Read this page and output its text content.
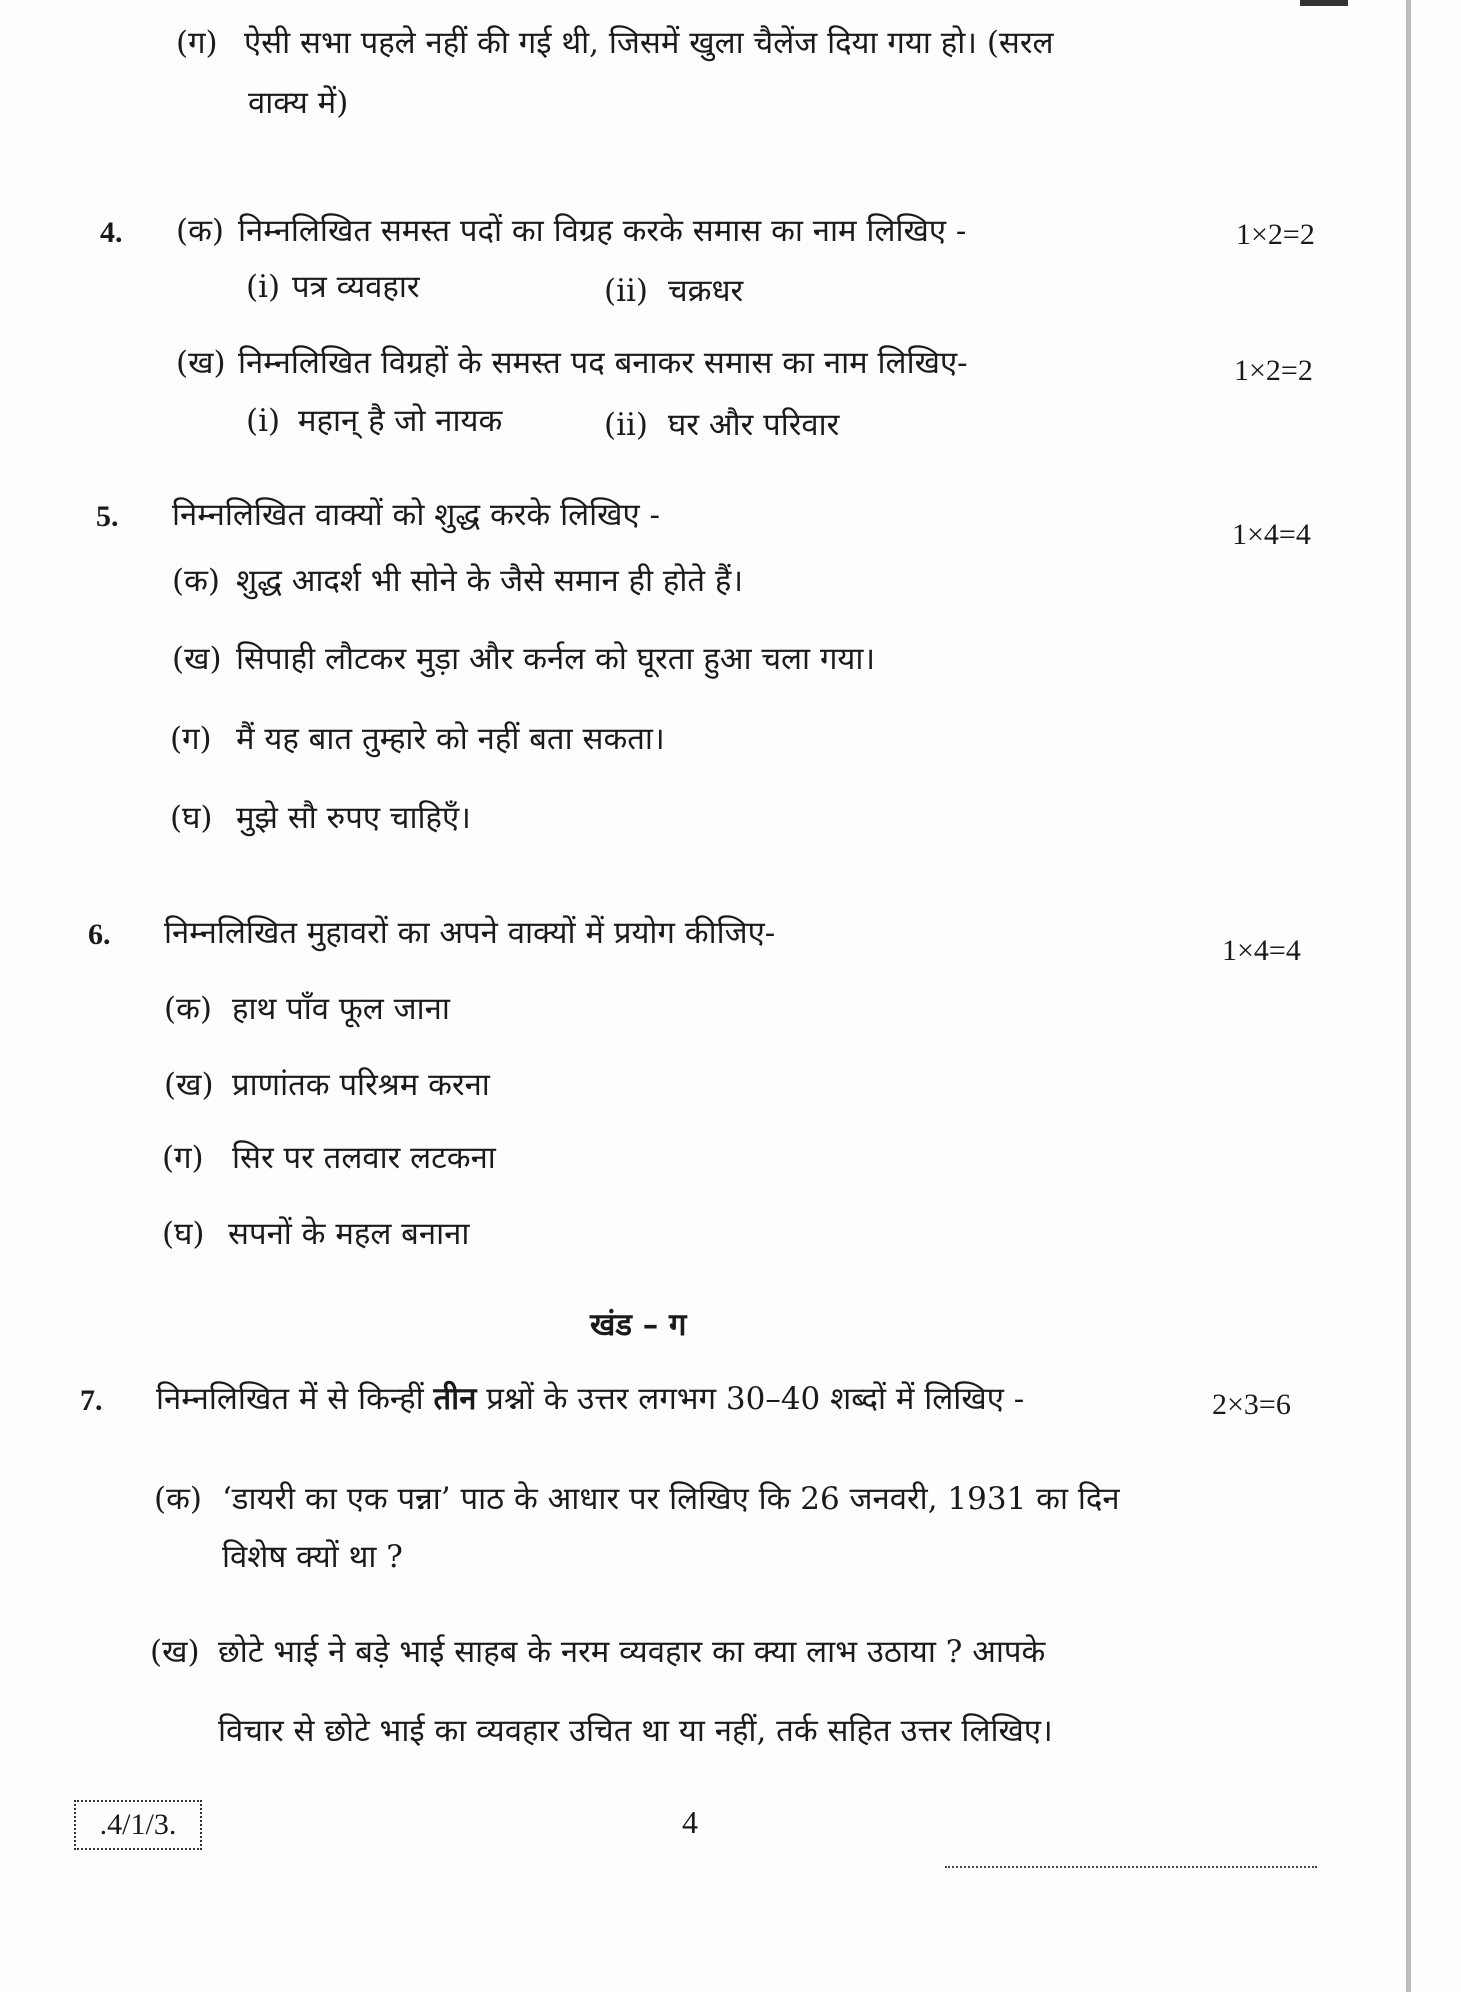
(ग) ऐसी सभा पहले नहीं की गई थी, जिसमें खुला चैलेंज दिया गया हो। (सरल
वाक्य में)
4. (क) निम्नलिखित समस्त पदों का विग्रह करके समास का नाम लिखिए -	1×2=2
(i) पत्र व्यवहार	(ii) चक्रधर
(ख) निम्नलिखित विग्रहों के समस्त पद बनाकर समास का नाम लिखिए-	1×2=2
(i) महान् है जो नायक	(ii) घर और परिवार
5. निम्नलिखित वाक्यों को शुद्ध करके लिखिए -
1×4=4
(क) शुद्ध आदर्श भी सोने के जैसे समान ही होते हैं।
(ख) सिपाही लौटकर मुड़ा और कर्नल को घूरता हुआ चला गया।
(ग) मैं यह बात तुम्हारे को नहीं बता सकता।
(घ) मुझे सौ रुपए चाहिएँ।
6. निम्नलिखित मुहावरों का अपने वाक्यों में प्रयोग कीजिए-	1×4=4
(क) हाथ पाँव फूल जाना
(ख) प्राणांतक परिश्रम करना
(ग) सिर पर तलवार लटकना
(घ) सपनों के महल बनाना
खंड – ग
7. निम्नलिखित में से किन्हीं तीन प्रश्नों के उत्तर लगभग 30–40 शब्दों में लिखिए -	2×3=6
(क) ‘डायरी का एक पन्ना’ पाठ के आधार पर लिखिए कि 26 जनवरी, 1931 का दिन
विशेष क्यों था ?
(ख) छोटे भाई ने बड़े भाई साहब के नरम व्यवहार का क्या लाभ उठाया ? आपके
विचार से छोटे भाई का व्यवहार उचित था या नहीं, तर्क सहित उत्तर लिखिए।
.4/1/3.	4
